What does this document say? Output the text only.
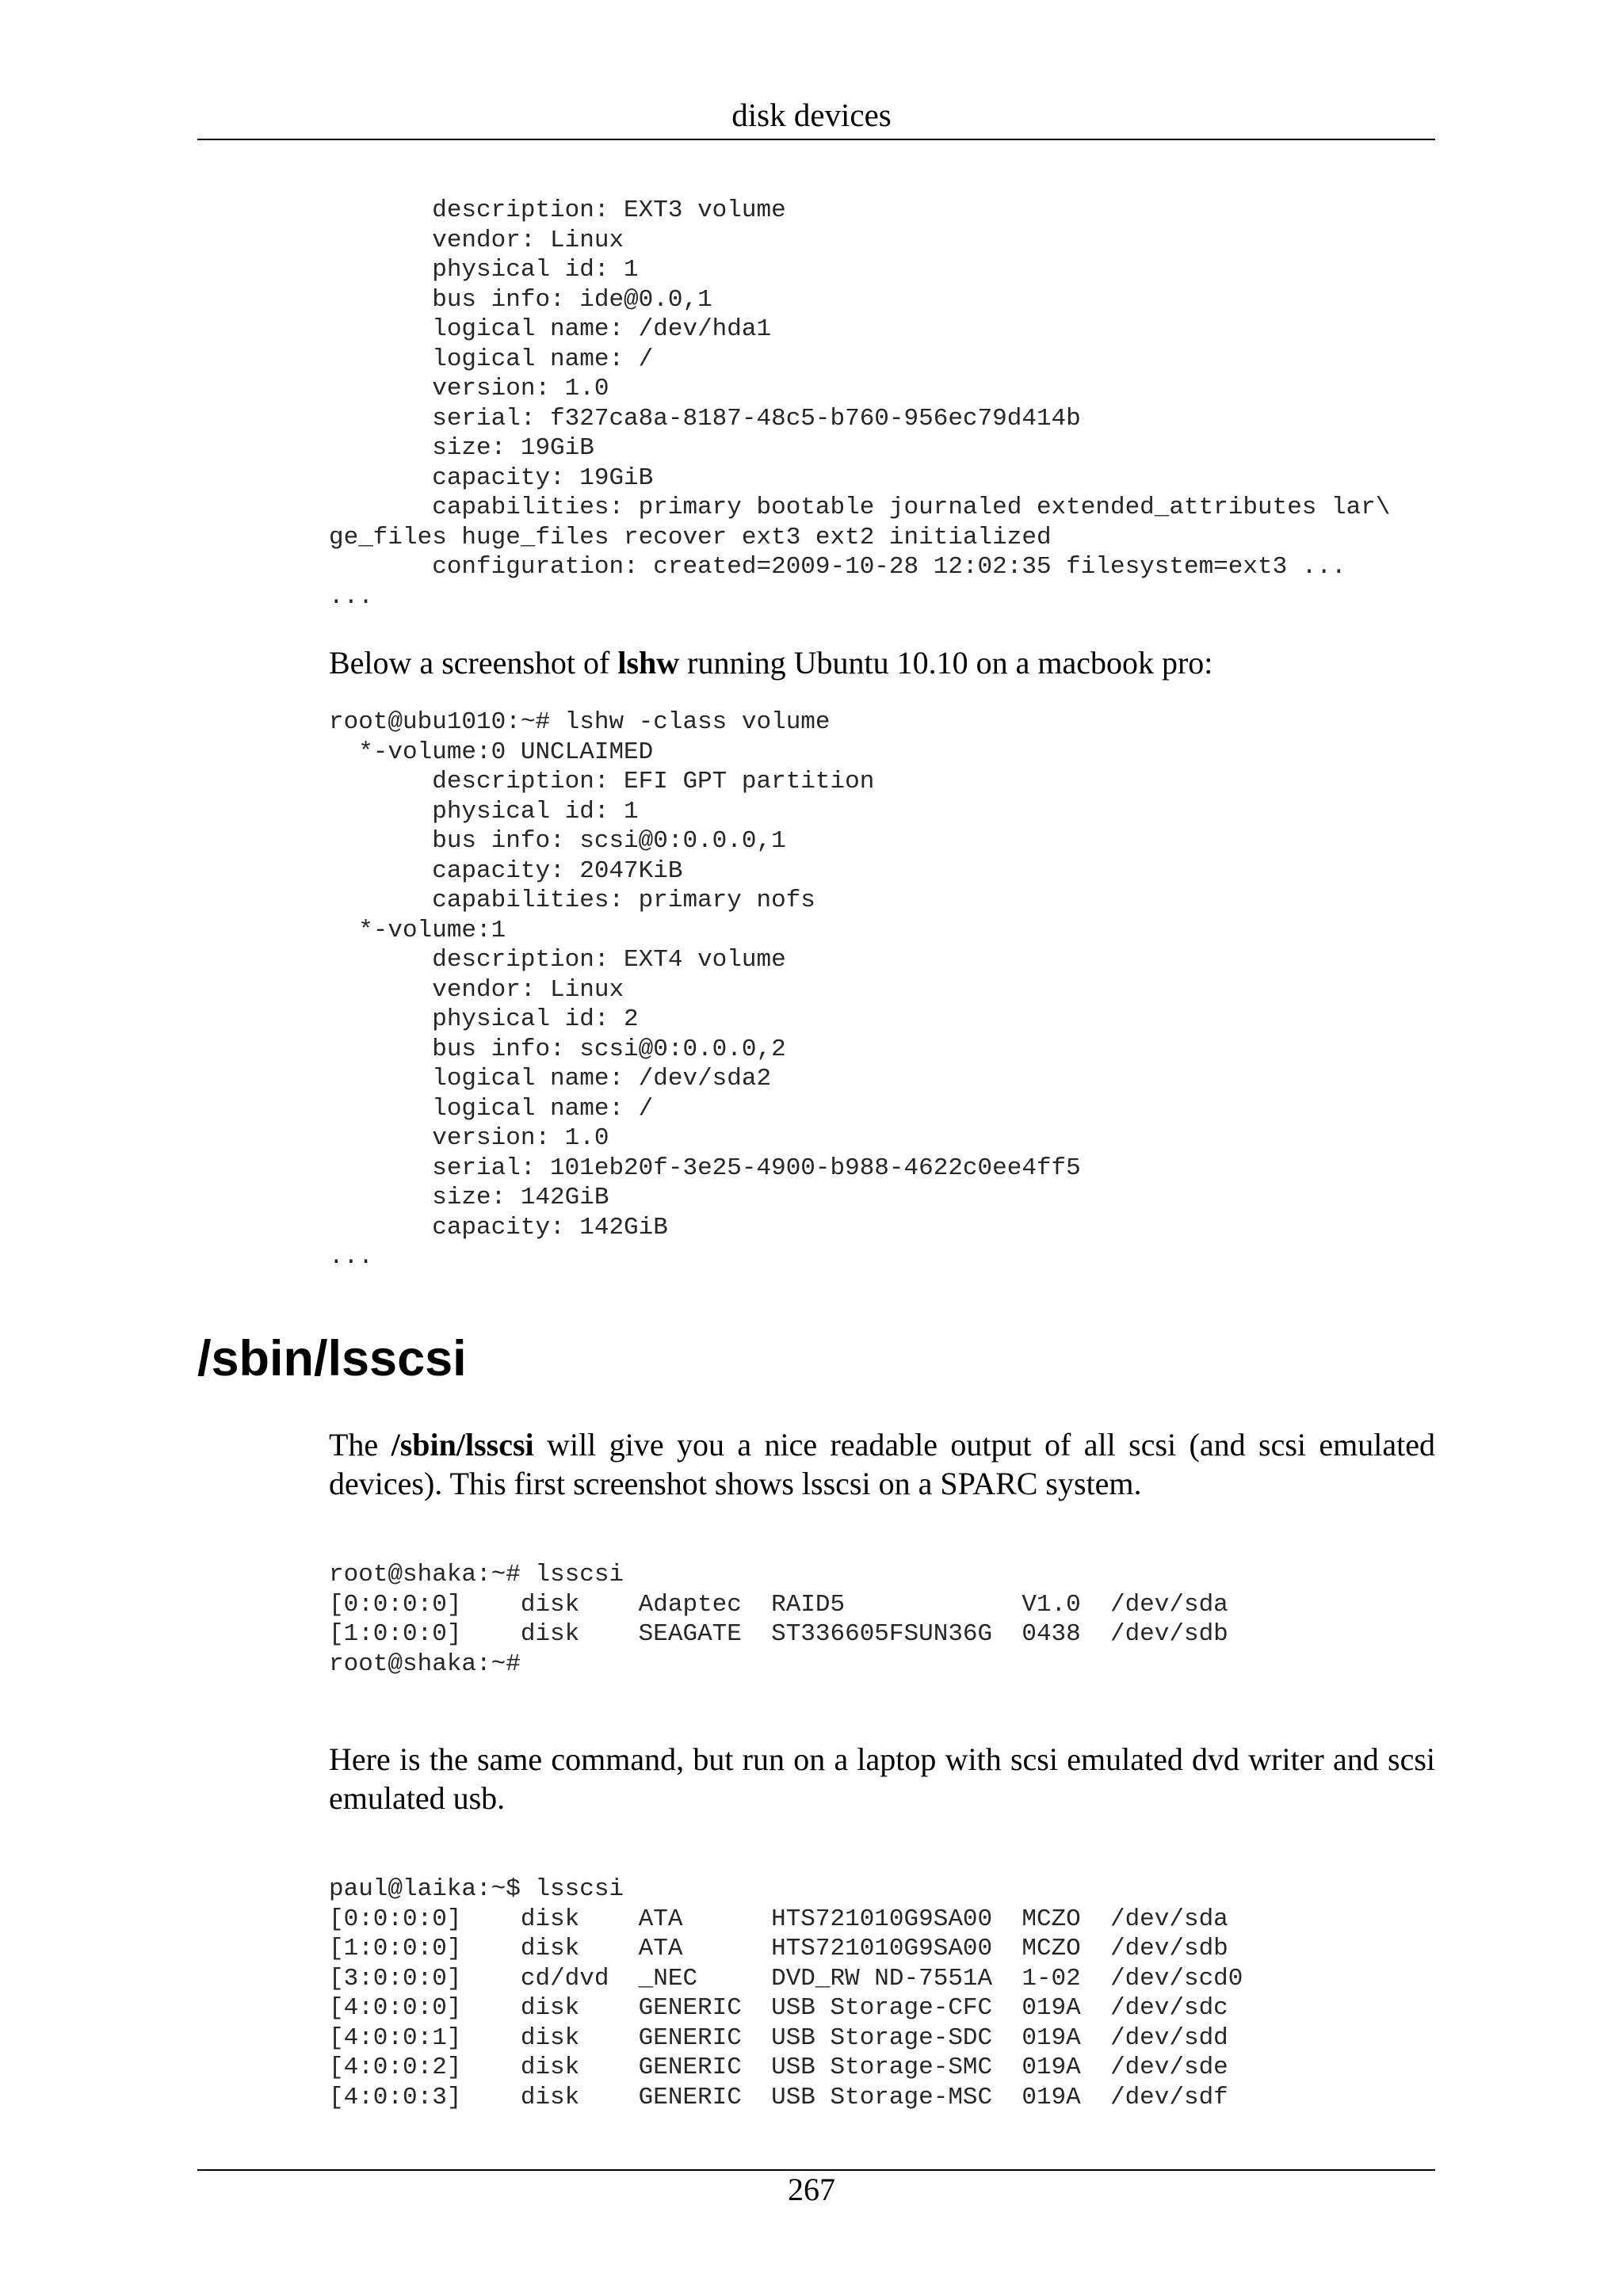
disk devices
description: EXT3 volume
vendor: Linux
physical id: 1
bus info: ide@0.0,1
logical name: /dev/hda1
logical name: /
version: 1.0
serial: f327ca8a-8187-48c5-b760-956ec79d414b
size: 19GiB
capacity: 19GiB
capabilities: primary bootable journaled extended_attributes lar\
ge_files huge_files recover ext3 ext2 initialized
configuration: created=2009-10-28 12:02:35 filesystem=ext3 ...
...
Below a screenshot of lshw running Ubuntu 10.10 on a macbook pro:
root@ubu1010:~# lshw -class volume
*-volume:0 UNCLAIMED
description: EFI GPT partition
physical id: 1
bus info: scsi@0:0.0.0,1
capacity: 2047KiB
capabilities: primary nofs
*-volume:1
description: EXT4 volume
vendor: Linux
physical id: 2
bus info: scsi@0:0.0.0,2
logical name: /dev/sda2
logical name: /
version: 1.0
serial: 101eb20f-3e25-4900-b988-4622c0ee4ff5
size: 142GiB
capacity: 142GiB
...
/sbin/lsscsi
The /sbin/lsscsi will give you a nice readable output of all scsi (and scsi emulated devices). This first screenshot shows lsscsi on a SPARC system.
root@shaka:~# lsscsi
[0:0:0:0]    disk    Adaptec  RAID5            V1.0  /dev/sda
[1:0:0:0]    disk    SEAGATE  ST336605FSUN36G  0438  /dev/sdb
root@shaka:~#
Here is the same command, but run on a laptop with scsi emulated dvd writer and scsi emulated usb.
paul@laika:~$ lsscsi
[0:0:0:0]    disk    ATA      HTS721010G9SA00  MCZO  /dev/sda
[1:0:0:0]    disk    ATA      HTS721010G9SA00  MCZO  /dev/sdb
[3:0:0:0]    cd/dvd  _NEC     DVD_RW ND-7551A  1-02  /dev/scd0
[4:0:0:0]    disk    GENERIC  USB Storage-CFC  019A  /dev/sdc
[4:0:0:1]    disk    GENERIC  USB Storage-SDC  019A  /dev/sdd
[4:0:0:2]    disk    GENERIC  USB Storage-SMC  019A  /dev/sde
[4:0:0:3]    disk    GENERIC  USB Storage-MSC  019A  /dev/sdf
267
